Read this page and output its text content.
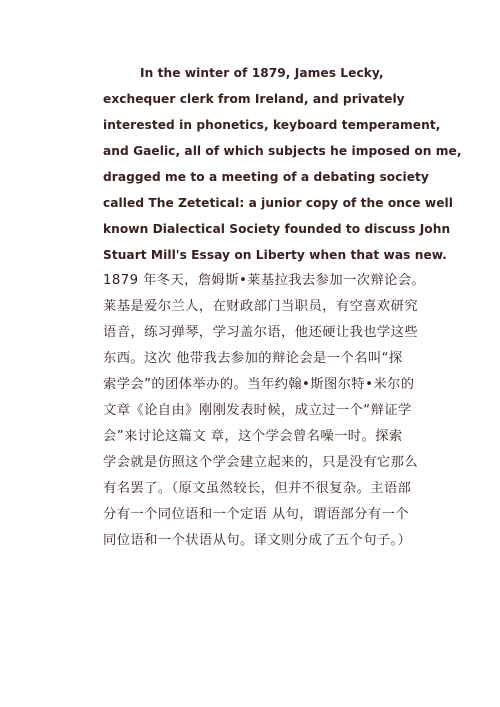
In the winter of 1879, James Lecky,
exchequer clerk from Ireland, and privately
interested in phonetics, keyboard temperament,
and Gaelic, all of which subjects he imposed on me,
dragged me to a meeting of a debating society
called The Zetetical: a junior copy of the once well
known Dialectical Society founded to discuss John
Stuart Mill's Essay on Liberty when that was new.
1879 年冬天，詹姆斯•莱基拉我去参加一次辩论会。
莱基是爱尔兰人，在财政部门当职员，有空喜欢研究
语音，练习弹琴，学习盖尔语，他还硬让我也学这些
东西。这次 他带我去参加的辩论会是一个名叫“探
索学会”的团体举办的。当年约翰•斯图尔特•米尔的
文章《论自由》刚刚发表时候，成立过一个“辩证学
会”来讨论这篇文 章，这个学会曾名噪一时。探索
学会就是仿照这个学会建立起来的，只是没有它那么
有名罢了。（原文虽然较长，但并不很复杂。主语部
分有一个同位语和一个定语 从句，谓语部分有一个
同位语和一个状语从句。译文则分成了五个句子。）
